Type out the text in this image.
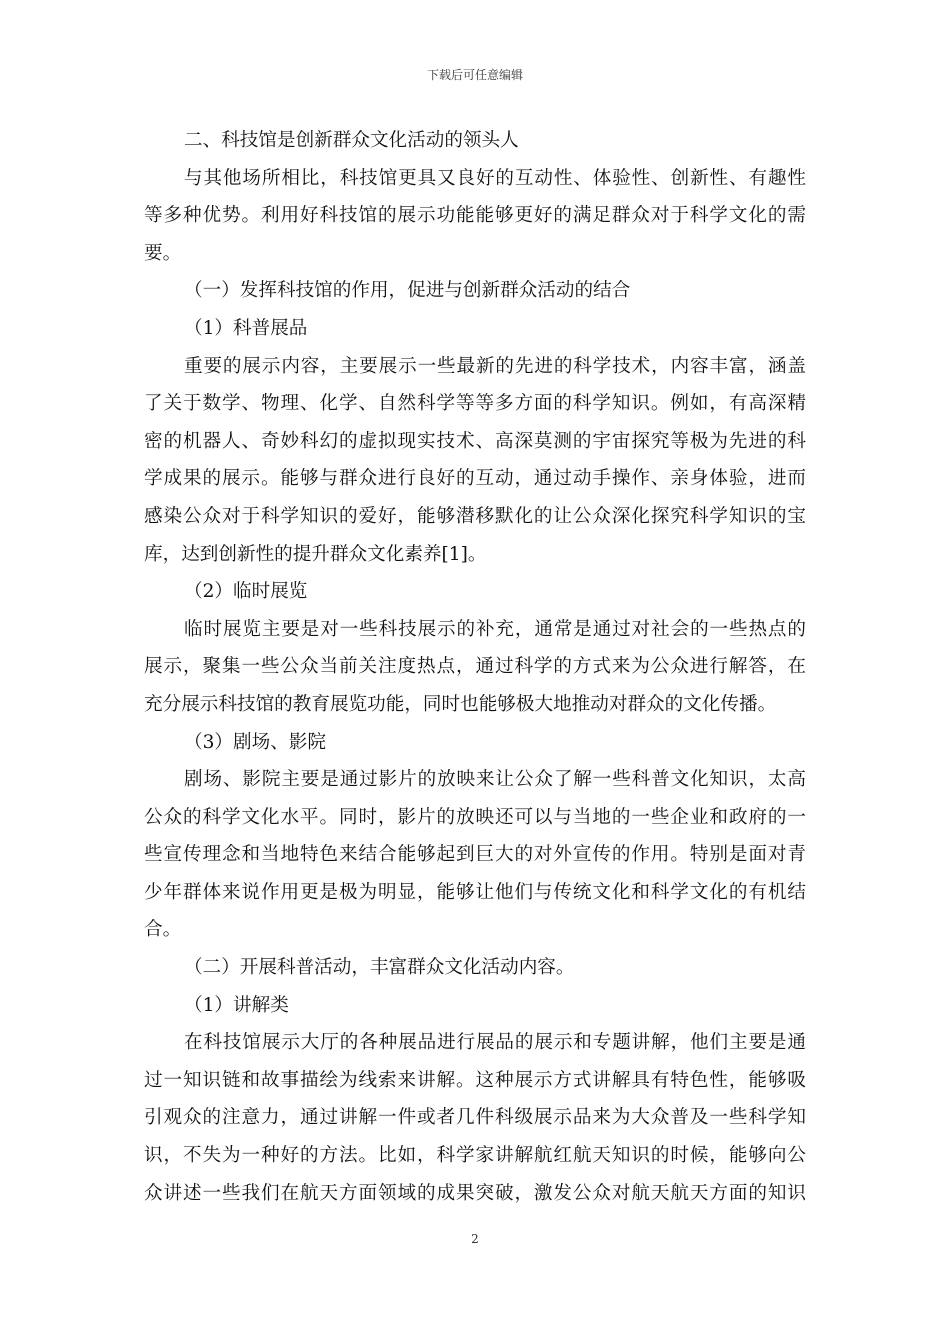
下载后可任意编辑
二、科技馆是创新群众文化活动的领头人
与其他场所相比，科技馆更具又良好的互动性、体验性、创新性、有趣性
等多种优势。利用好科技馆的展示功能能够更好的满足群众对于科学文化的需
要。
（一）发挥科技馆的作用，促进与创新群众活动的结合
（1）科普展品
重要的展示内容，主要展示一些最新的先进的科学技术，内容丰富，涵盖
了关于数学、物理、化学、自然科学等等多方面的科学知识。例如，有高深精
密的机器人、奇妙科幻的虚拟现实技术、高深莫测的宇宙探究等极为先进的科
学成果的展示。能够与群众进行良好的互动，通过动手操作、亲身体验，进而
感染公众对于科学知识的爱好，能够潜移默化的让公众深化探究科学知识的宝
库，达到创新性的提升群众文化素养[1]。
（2）临时展览
临时展览主要是对一些科技展示的补充，通常是通过对社会的一些热点的
展示，聚集一些公众当前关注度热点，通过科学的方式来为公众进行解答，在
充分展示科技馆的教育展览功能，同时也能够极大地推动对群众的文化传播。
（3）剧场、影院
剧场、影院主要是通过影片的放映来让公众了解一些科普文化知识，太高
公众的科学文化水平。同时，影片的放映还可以与当地的一些企业和政府的一
些宣传理念和当地特色来结合能够起到巨大的对外宣传的作用。特别是面对青
少年群体来说作用更是极为明显，能够让他们与传统文化和科学文化的有机结
合。
（二）开展科普活动，丰富群众文化活动内容。
（1）讲解类
在科技馆展示大厅的各种展品进行展品的展示和专题讲解，他们主要是通
过一知识链和故事描绘为线索来讲解。这种展示方式讲解具有特色性，能够吸
引观众的注意力，通过讲解一件或者几件科级展示品来为大众普及一些科学知
识，不失为一种好的方法。比如，科学家讲解航红航天知识的时候，能够向公
众讲述一些我们在航天方面领域的成果突破，激发公众对航天航天方面的知识
2
